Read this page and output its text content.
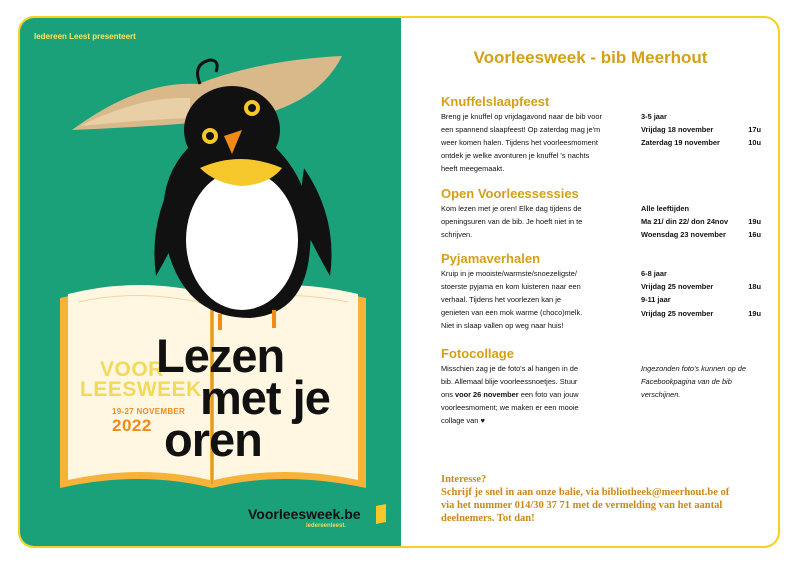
Iedereen Leest presenteert
VOOR
LEESWEEK
19-27 NOVEMBER
2022
Lezen
met je
oren
Voorleesweek.be
iedereenleest.
Voorleesweek - bib Meerhout
Knuffelslaapfeest
Breng je knuffel op vrijdagavond naar de bib voor
een spannend slaapfeest! Op zaterdag mag je'm
weer komen halen. Tijdens het voorleesmoment
ontdek je welke avonturen je knuffel 's nachts
heeft meegemaakt.
3-5 jaar
Vrijdag 18 november	17u
Zaterdag 19 november	10u
Open Voorleessessies
Kom lezen met je oren! Elke dag tijdens de
openingsuren van de bib. Je hoeft niet in te
schrijven.
Alle leeftijden
Ma 21/ din 22/ don 24nov	19u
Woensdag 23 november	16u
Pyjamaverhalen
Kruip in je mooiste/warmste/snoezeligste/
stoerste pyjama en kom luisteren naar een
verhaal. Tijdens het voorlezen kan je
genieten van een mok warme (choco)melk.
Niet in slaap vallen op weg naar huis!
6-8 jaar
Vrijdag 25 november	18u
9-11 jaar
Vrijdag 25 november	19u
Fotocollage
Misschien zag je de foto's al hangen in de
bib. Allemaal blije voorleessnoetjes. Stuur
ons voor 26 november een foto van jouw
voorleesmoment; we maken er een mooie
collage van ♥
Ingezonden foto's kunnen op de
Facebookpagina van de bib
verschijnen.
Interesse?
Schrijf je snel in aan onze balie, via bibliotheek@meerhout.be of
via het nummer 014/30 37 71 met de vermelding van het aantal
deelnemers. Tot dan!
